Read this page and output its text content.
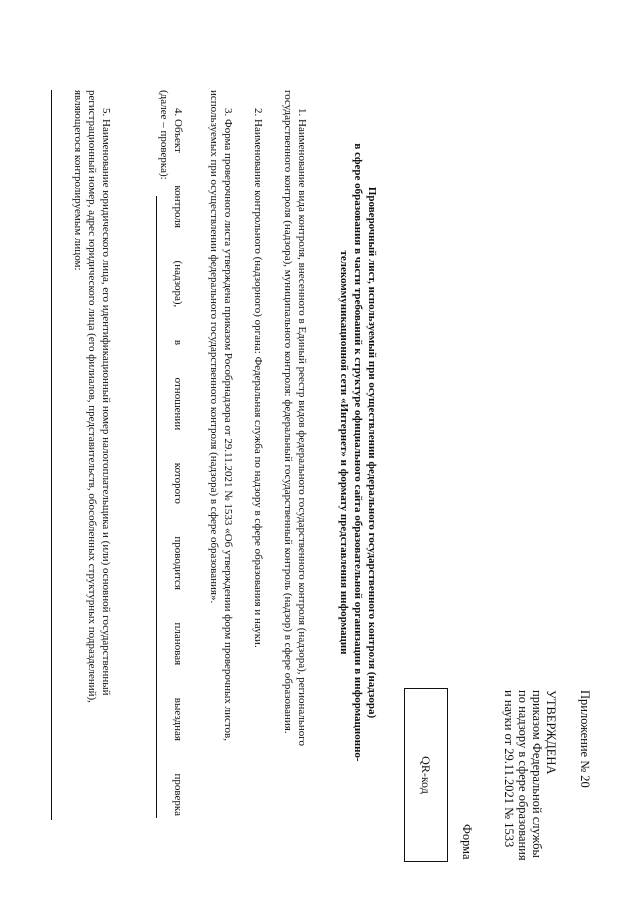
Приложение № 20
УТВЕРЖДЕНА
приказом Федеральной службы
по надзору в сфере образования
и науки от 29.11.2021 № 1533
Форма
QR-код
Проверочный лист, используемый при осуществлении федерального государственного контроля (надзора)
в сфере образования в части требований к структуре официального сайта образовательной организации в информационно-
телекоммуникационной сети «Интернет» и формату представления информации
1. Наименование вида контроля, внесенного в Единый реестр видов федерального государственного контроля (надзора), регионального
государственного контроля (надзора), муниципального контроля: федеральный государственный контроль (надзор) в сфере образования.
2. Наименование контрольного (надзорного) органа: Федеральная служба по надзору в сфере образования и науки.
3. Форма проверочного листа утверждена приказом Рособрнадзора от 29.11.2021 № 1533 «Об утверждении форм проверочных листов,
используемых при осуществлении федерального государственного контроля (надзора) в сфере образования».
4. Объект
контроля
(надзора),
в
отношении
которого
проводится
плановая
выездная
проверка
(далее – проверка):
5. Наименование юридического лица, его идентификационный номер налогоплательщика и (или) основной государственный
регистрационный номер, адрес юридического лица (его филиалов, представительств, обособленных структурных подразделений),
являющегося контролируемым лицом:
